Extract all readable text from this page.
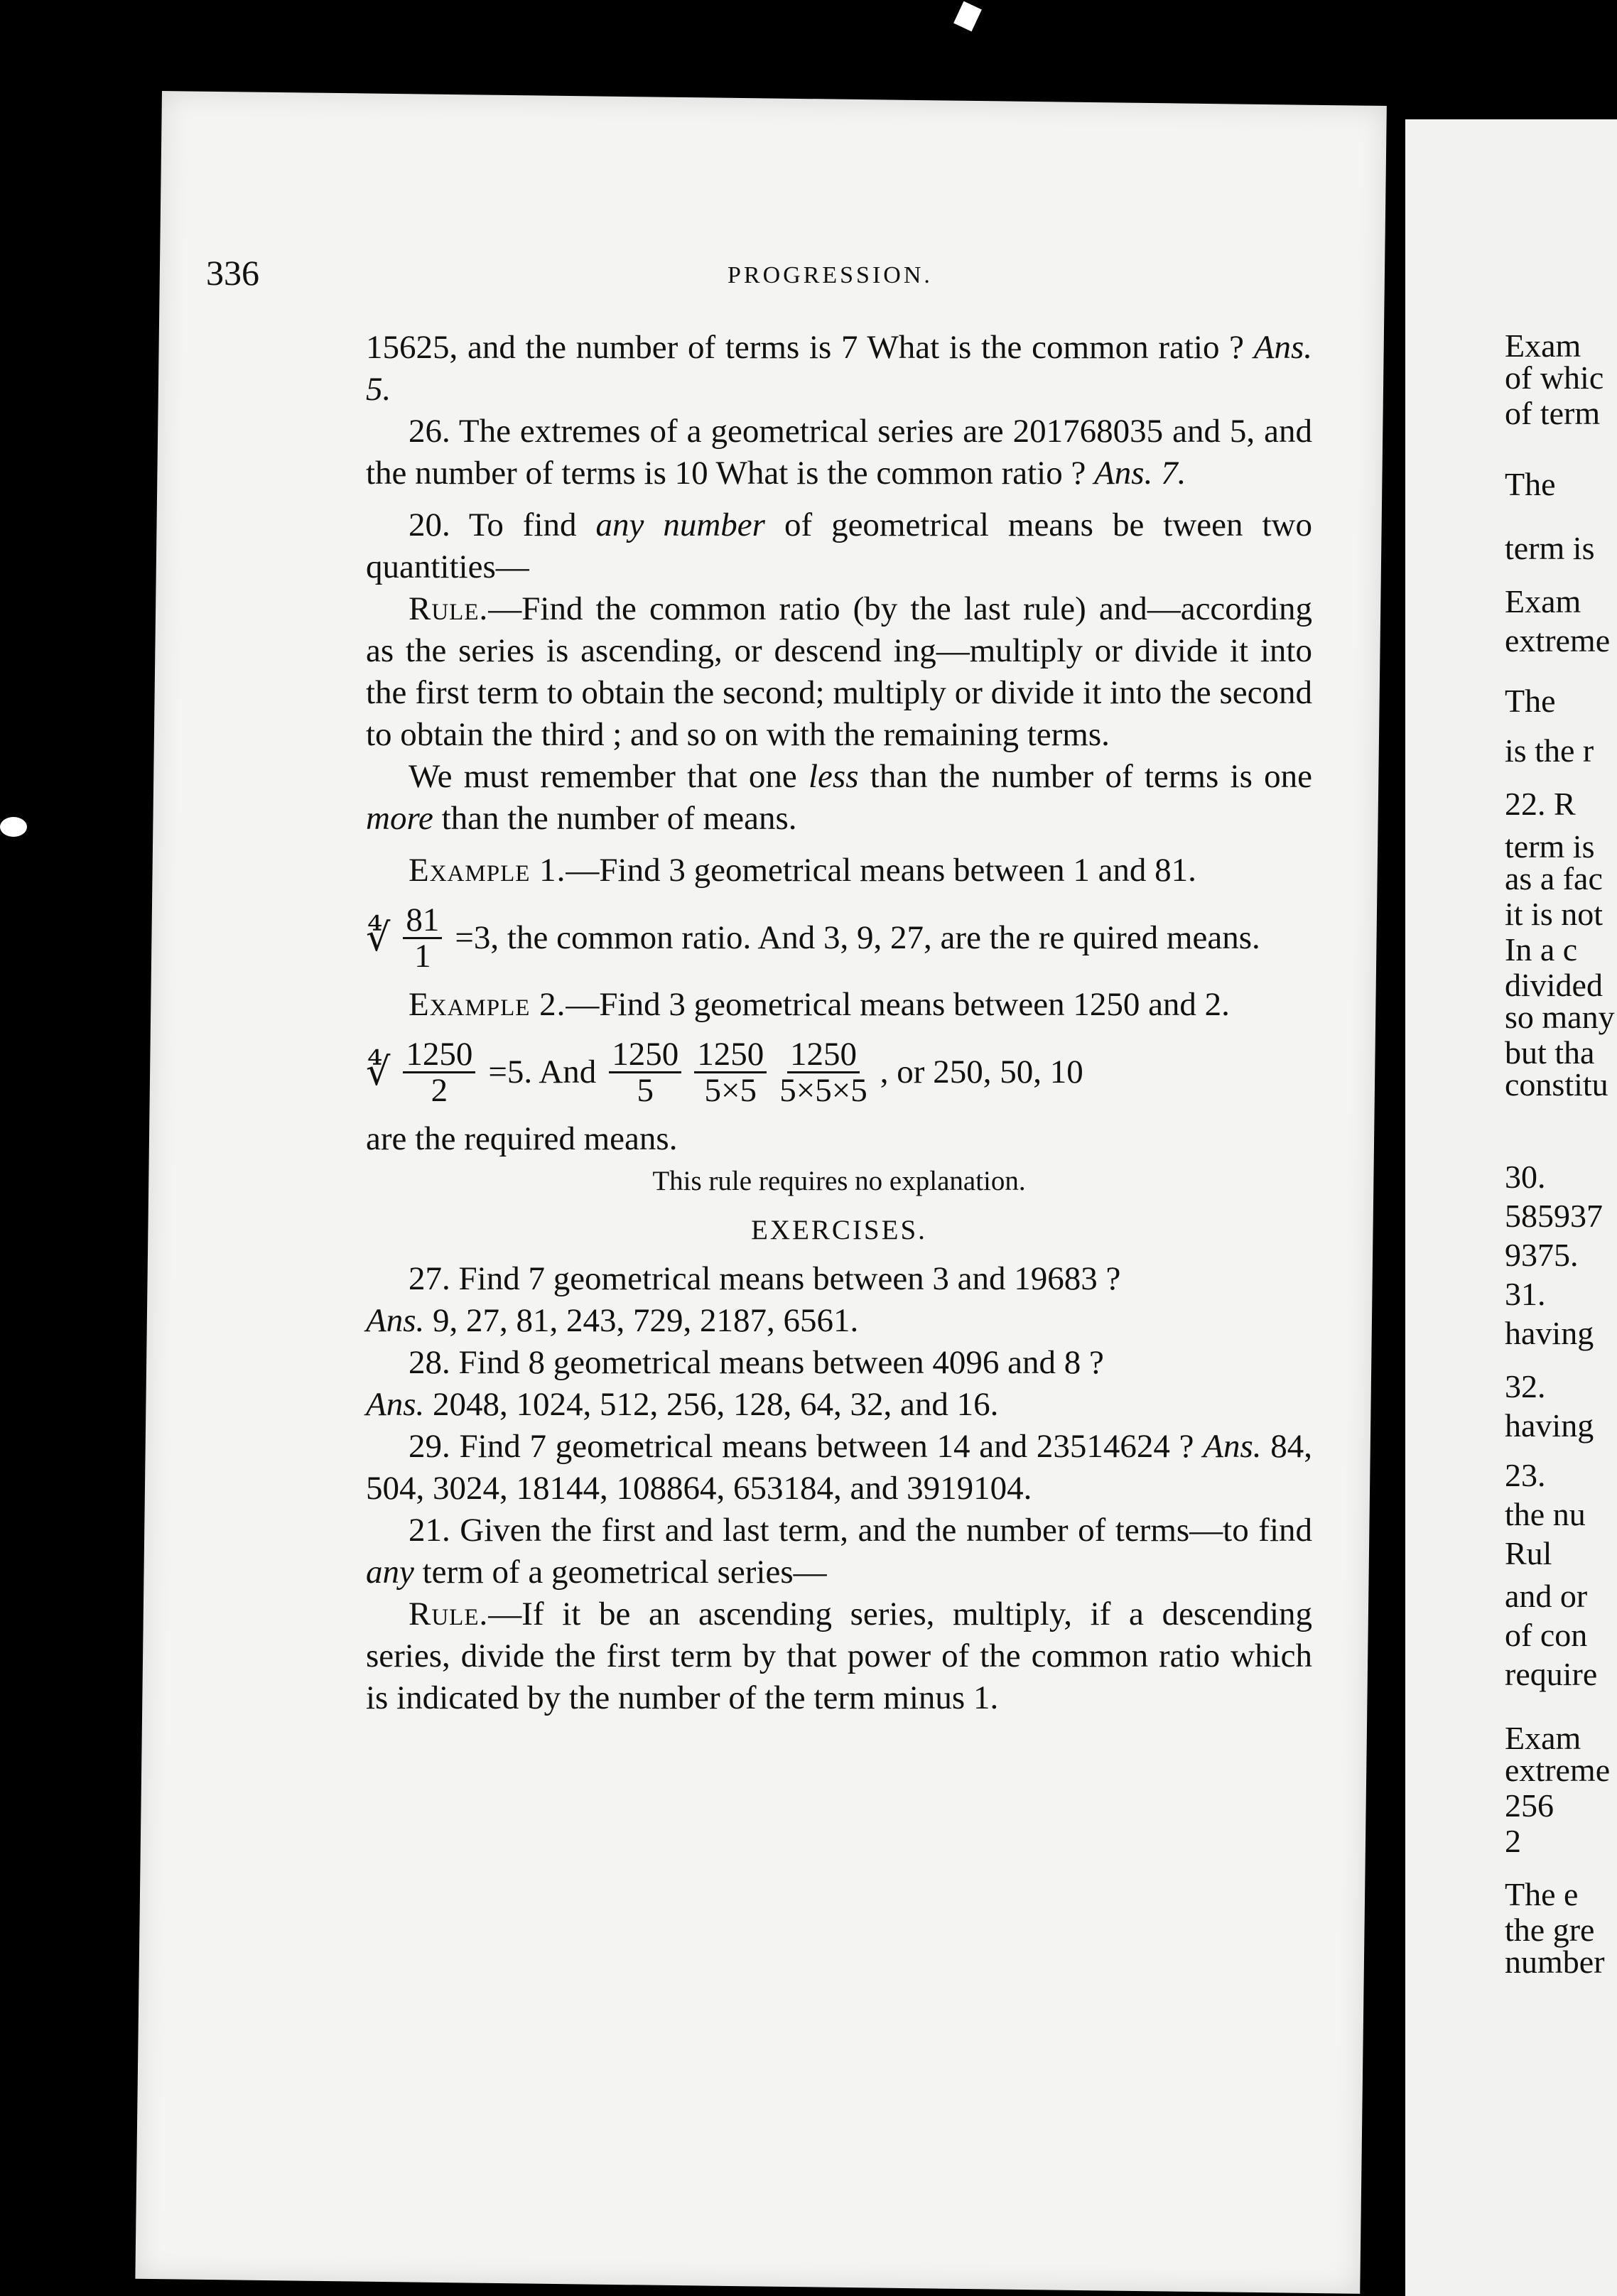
Exam
of whic
of term
The
term is
Exam
extreme
The
is the r
22. R
term is
as a fac
it is not
In a c
divided
so many
but tha
constitu
30.
585937
9375.
31.
having
32.
having
23.
the nu
Rul
and or
of con
require
Exam
extreme
256
2
The e
the gre
number
336	PROGRESSION.

15625, and the number of terms is 7 What is the common ratio ? Ans. 5.

26. The extremes of a geometrical series are 201768035 and 5, and the number of terms is 10 What is the common ratio ? Ans. 7.

20. To find any number of geometrical means be tween two quantities—

Rule.—Find the common ratio (by the last rule) and—according as the series is ascending, or descend ing—multiply or divide it into the first term to obtain the second; multiply or divide it into the second to obtain the third ; and so on with the remaining terms.

We must remember that one less than the number of terms is one more than the number of means.

Example 1.—Find 3 geometrical means between 1 and 81.

∜ $\frac{81}{1} =3$, the common ratio. And 3, 9, 27, are the re quired means.

Example 2.—Find 3 geometrical means between 1250 and 2.

∜ $\frac{1250}{2} =5$. And $\frac{1250}{5} \frac{1250}{5\times 5} \frac{1250}{5\times 5\times 5}$ , or 250, 50, 10

are the required means.

This rule requires no explanation.

EXERCISES.

27. Find 7 geometrical means between 3 and 19683 ?

Ans. 9, 27, 81, 243, 729, 2187, 6561.

28. Find 8 geometrical means between 4096 and 8 ?

Ans. 2048, 1024, 512, 256, 128, 64, 32, and 16.

29. Find 7 geometrical means between 14 and 23514624 ? Ans. 84, 504, 3024, 18144, 108864, 653184, and 3919104.

21. Given the first and last term, and the number of terms—to find any term of a geometrical series—

Rule.—If it be an ascending series, multiply, if a descending series, divide the first term by that power of the common ratio which is indicated by the number of the term minus 1.
